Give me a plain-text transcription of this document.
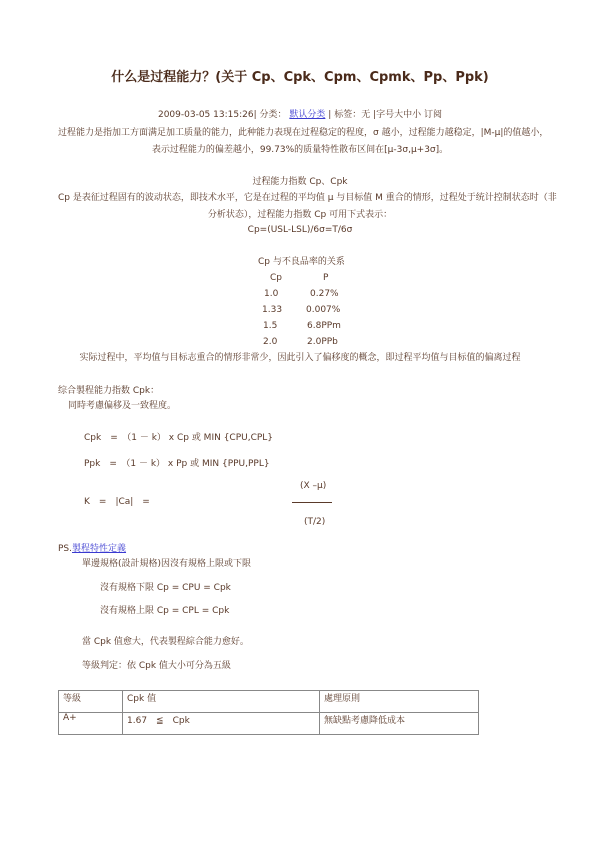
什么是过程能力？(关于 Cp、Cpk、Cpm、Cpmk、Pp、Ppk)
2009-03-05 13:15:26| 分类： 默认分类 | 标签：无 |字号大中小 订阅
过程能力是指加工方面满足加工质量的能力，此种能力表现在过程稳定的程度，σ 越小，过程能力越稳定，|M-μ|的值越小，
表示过程能力的偏差越小，99.73%的质量特性散布区间在[μ-3σ,μ+3σ]。
过程能力指数 Cp、Cpk
Cp 是表征过程固有的波动状态，即技术水平，它是在过程的平均值 μ 与目标值 M 重合的情形，过程处于统计控制状态时（非
分析状态），过程能力指数 Cp 可用下式表示：
Cp=(USL-LSL)/6σ=T/6σ
Cp 与不良品率的关系
Cp	P
1.0	0.27%
1.33	0.007%
1.5	6.8PPm
2.0	2.0PPb
实际过程中，平均值与目标志重合的情形非常少，因此引入了偏移度的概念，即过程平均值与目标值的偏离过程
综合製程能力指数 Cpk：
同時考慮偏移及一致程度。
Cpk　=　（1 － k） x Cp 或 MIN {CPU,CPL}
Ppk　=　（1 － k） x Pp 或 MIN {PPU,PPL}
(X –μ)
K　=　|Ca|　=
(T/2)
PS.製程特性定義
單邊規格(設計規格)因沒有規格上限或下限
沒有規格下限 Cp = CPU = Cpk
沒有規格上限 Cp = CPL = Cpk
當 Cpk 值愈大，代表製程綜合能力愈好。
等級判定：依 Cpk 值大小可分為五級
等級	Cpk 值	處理原則
A+	1.67　≦　Cpk	無缺點考慮降低成本
